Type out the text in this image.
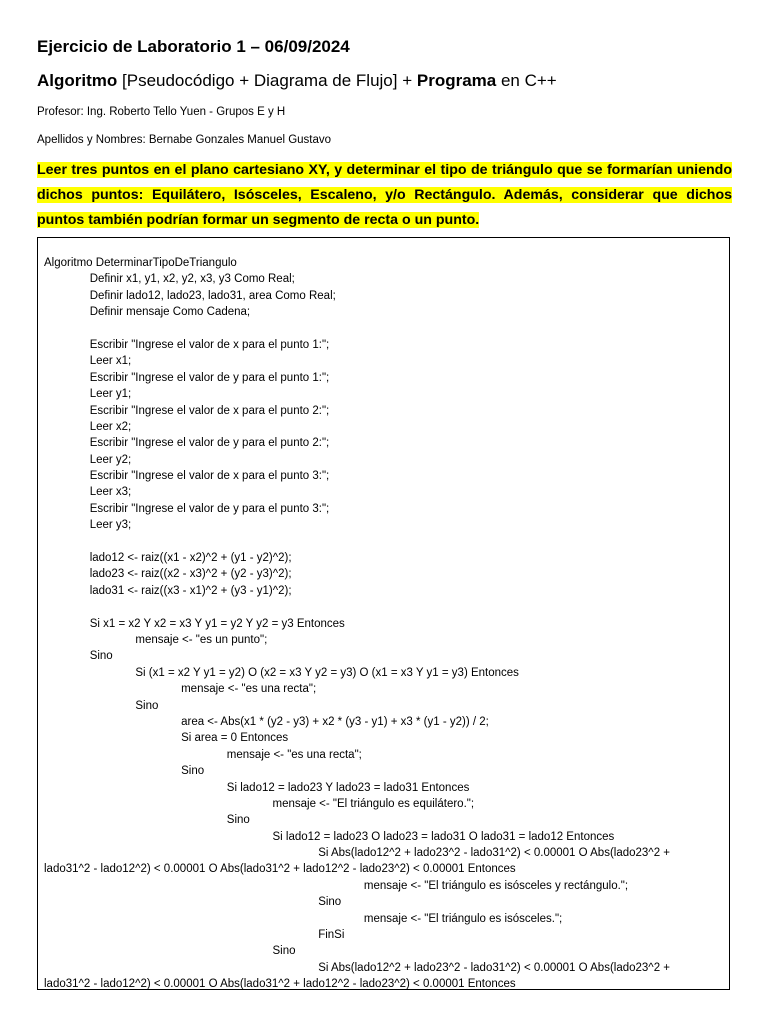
Ejercicio de Laboratorio 1 – 06/09/2024
Algoritmo [Pseudocódigo + Diagrama de Flujo] + Programa en C++
Profesor: Ing. Roberto Tello Yuen - Grupos E y H
Apellidos y Nombres: Bernabe Gonzales Manuel Gustavo
Leer tres puntos en el plano cartesiano XY, y determinar el tipo de triángulo que se formarían uniendo dichos puntos: Equilátero, Isósceles, Escaleno, y/o Rectángulo. Además, considerar que dichos puntos también podrían formar un segmento de recta o un punto.
Algoritmo DeterminarTipoDeTriangulo
Definir x1, y1, x2, y2, x3, y3 Como Real;
Definir lado12, lado23, lado31, area Como Real;
Definir mensaje Como Cadena;
Escribir "Ingrese el valor de x para el punto 1:";
Leer x1;
Escribir "Ingrese el valor de y para el punto 1:";
Leer y1;
Escribir "Ingrese el valor de x para el punto 2:";
Leer x2;
Escribir "Ingrese el valor de y para el punto 2:";
Leer y2;
Escribir "Ingrese el valor de x para el punto 3:";
Leer x3;
Escribir "Ingrese el valor de y para el punto 3:";
Leer y3;
lado12 <- raiz((x1 - x2)^2 + (y1 - y2)^2);
lado23 <- raiz((x2 - x3)^2 + (y2 - y3)^2);
lado31 <- raiz((x3 - x1)^2 + (y3 - y1)^2);
Si x1 = x2 Y x2 = x3 Y y1 = y2 Y y2 = y3 Entonces
mensaje <- "es un punto";
Sino
Si (x1 = x2 Y y1 = y2) O (x2 = x3 Y y2 = y3) O (x1 = x3 Y y1 = y3) Entonces
mensaje <- "es una recta";
Sino
area <- Abs(x1 * (y2 - y3) + x2 * (y3 - y1) + x3 * (y1 - y2)) / 2;
Si area = 0 Entonces
mensaje <- "es una recta";
Sino
Si lado12 = lado23 Y lado23 = lado31 Entonces
mensaje <- "El triángulo es equilátero.";
Sino
Si lado12 = lado23 O lado23 = lado31 O lado31 = lado12 Entonces
Si Abs(lado12^2 + lado23^2 - lado31^2) < 0.00001 O Abs(lado23^2 +
lado31^2 - lado12^2) < 0.00001 O Abs(lado31^2 + lado12^2 - lado23^2) < 0.00001 Entonces
mensaje <- "El triángulo es isósceles y rectángulo.";
Sino
mensaje <- "El triángulo es isósceles.";
FinSi
Sino
Si Abs(lado12^2 + lado23^2 - lado31^2) < 0.00001 O Abs(lado23^2 +
lado31^2 - lado12^2) < 0.00001 O Abs(lado31^2 + lado12^2 - lado23^2) < 0.00001 Entonces
